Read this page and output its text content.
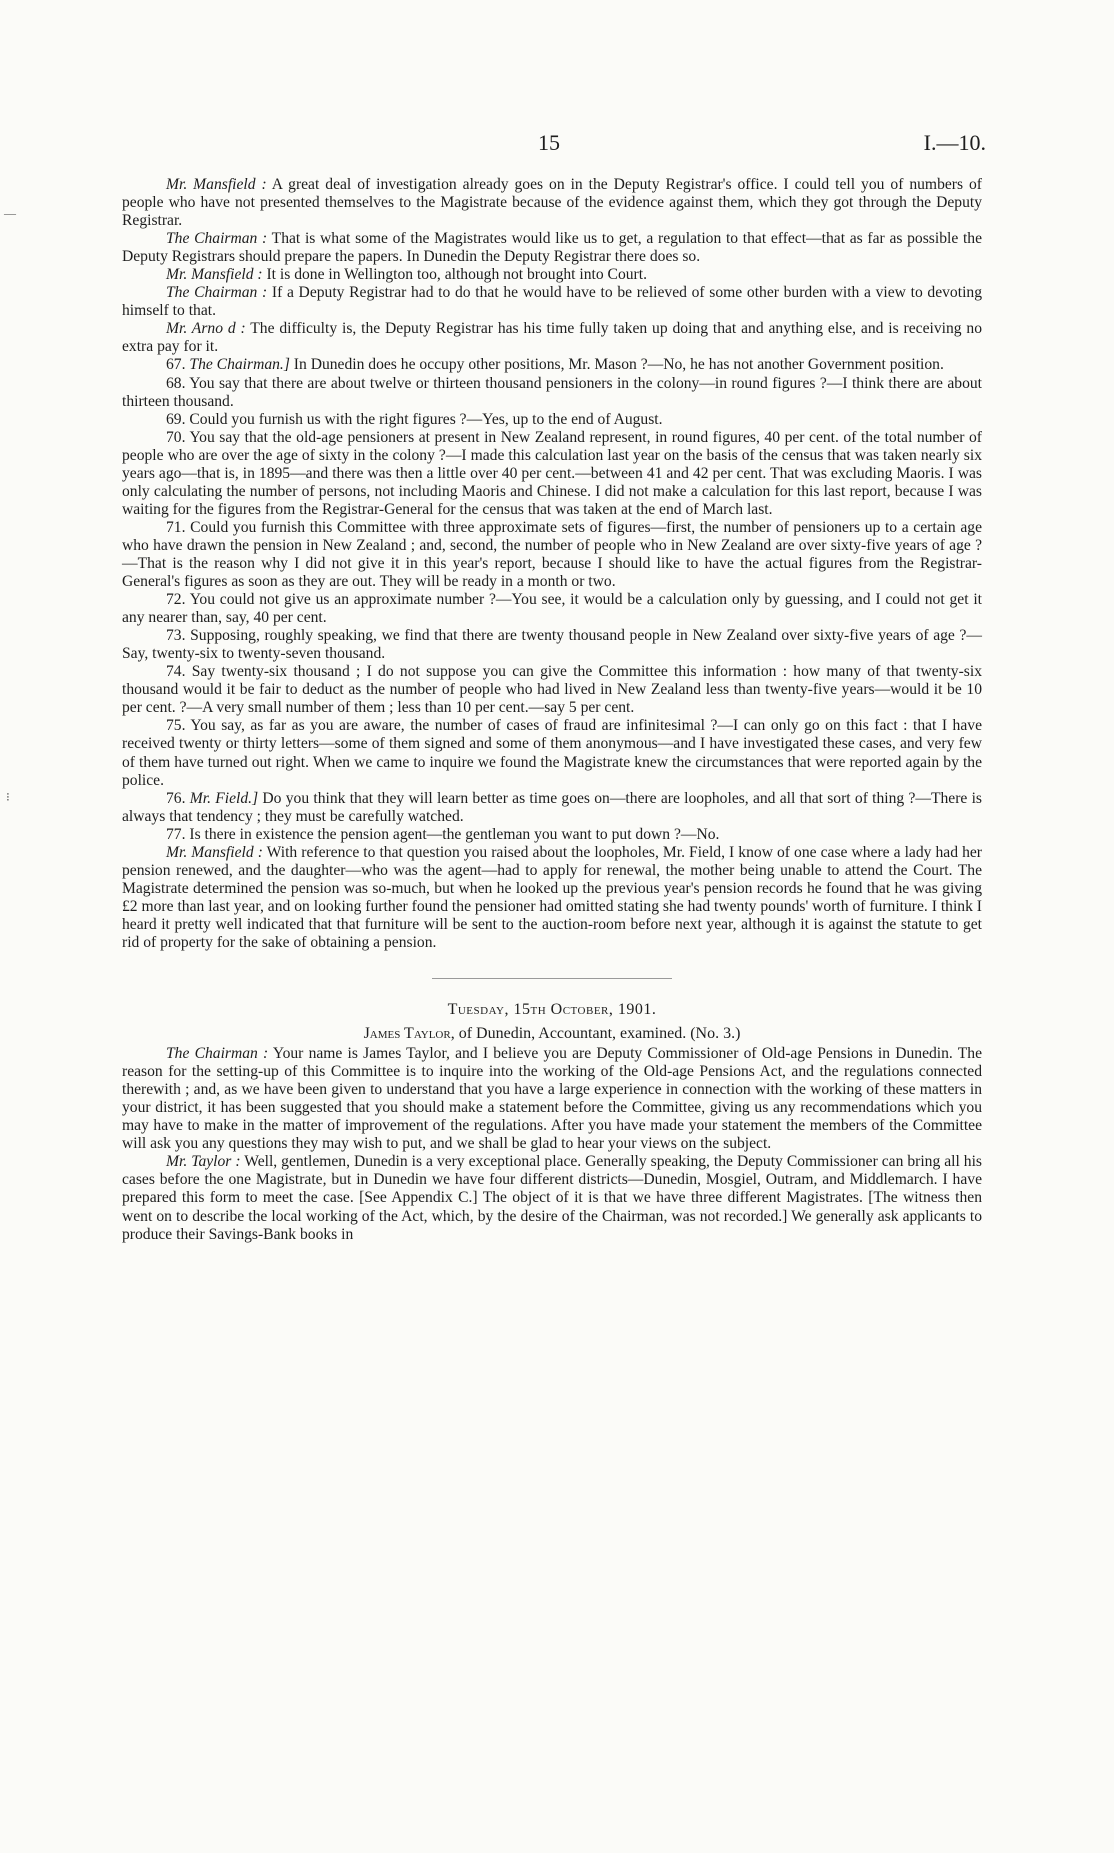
15	I.—10.
—
⁝

Mr. Mansfield : A great deal of investigation already goes on in the Deputy Registrar's office. I could tell you of numbers of people who have not presented themselves to the Magistrate because of the evidence against them, which they got through the Deputy Registrar.

The Chairman : That is what some of the Magistrates would like us to get, a regulation to that effect—that as far as possible the Deputy Registrars should prepare the papers. In Dunedin the Deputy Registrar there does so.

Mr. Mansfield : It is done in Wellington too, although not brought into Court.

The Chairman : If a Deputy Registrar had to do that he would have to be relieved of some other burden with a view to devoting himself to that.

Mr. Arno d : The difficulty is, the Deputy Registrar has his time fully taken up doing that and anything else, and is receiving no extra pay for it.

67. The Chairman.] In Dunedin does he occupy other positions, Mr. Mason ?—No, he has not another Government position.

68. You say that there are about twelve or thirteen thousand pensioners in the colony—in round figures ?—I think there are about thirteen thousand.

69. Could you furnish us with the right figures ?—Yes, up to the end of August.

70. You say that the old-age pensioners at present in New Zealand represent, in round figures, 40 per cent. of the total number of people who are over the age of sixty in the colony ?—I made this calculation last year on the basis of the census that was taken nearly six years ago—that is, in 1895—and there was then a little over 40 per cent.—between 41 and 42 per cent. That was excluding Maoris. I was only calculating the number of persons, not including Maoris and Chinese. I did not make a calculation for this last report, because I was waiting for the figures from the Registrar-General for the census that was taken at the end of March last.

71. Could you furnish this Committee with three approximate sets of figures—first, the number of pensioners up to a certain age who have drawn the pension in New Zealand ; and, second, the number of people who in New Zealand are over sixty-five years of age ?—That is the reason why I did not give it in this year's report, because I should like to have the actual figures from the Registrar-General's figures as soon as they are out. They will be ready in a month or two.

72. You could not give us an approximate number ?—You see, it would be a calculation only by guessing, and I could not get it any nearer than, say, 40 per cent.

73. Supposing, roughly speaking, we find that there are twenty thousand people in New Zealand over sixty-five years of age ?—Say, twenty-six to twenty-seven thousand.

74. Say twenty-six thousand ; I do not suppose you can give the Committee this information : how many of that twenty-six thousand would it be fair to deduct as the number of people who had lived in New Zealand less than twenty-five years—would it be 10 per cent. ?—A very small number of them ; less than 10 per cent.—say 5 per cent.

75. You say, as far as you are aware, the number of cases of fraud are infinitesimal ?—I can only go on this fact : that I have received twenty or thirty letters—some of them signed and some of them anonymous—and I have investigated these cases, and very few of them have turned out right. When we came to inquire we found the Magistrate knew the circumstances that were reported again by the police.

76. Mr. Field.] Do you think that they will learn better as time goes on—there are loopholes, and all that sort of thing ?—There is always that tendency ; they must be carefully watched.

77. Is there in existence the pension agent—the gentleman you want to put down ?—No.

Mr. Mansfield : With reference to that question you raised about the loopholes, Mr. Field, I know of one case where a lady had her pension renewed, and the daughter—who was the agent—had to apply for renewal, the mother being unable to attend the Court. The Magistrate determined the pension was so-much, but when he looked up the previous year's pension records he found that he was giving £2 more than last year, and on looking further found the pensioner had omitted stating she had twenty pounds' worth of furniture. I think I heard it pretty well indicated that that furniture will be sent to the auction-room before next year, although it is against the statute to get rid of property for the sake of obtaining a pension.

Tuesday, 15th October, 1901.
James Taylor, of Dunedin, Accountant, examined. (No. 3.)

The Chairman : Your name is James Taylor, and I believe you are Deputy Commissioner of Old-age Pensions in Dunedin. The reason for the setting-up of this Committee is to inquire into the working of the Old-age Pensions Act, and the regulations connected therewith ; and, as we have been given to understand that you have a large experience in connection with the working of these matters in your district, it has been suggested that you should make a statement before the Committee, giving us any recommendations which you may have to make in the matter of improvement of the regulations. After you have made your statement the members of the Committee will ask you any questions they may wish to put, and we shall be glad to hear your views on the subject.

Mr. Taylor : Well, gentlemen, Dunedin is a very exceptional place. Generally speaking, the Deputy Commissioner can bring all his cases before the one Magistrate, but in Dunedin we have four different districts—Dunedin, Mosgiel, Outram, and Middlemarch. I have prepared this form to meet the case. [See Appendix C.] The object of it is that we have three different Magistrates. [The witness then went on to describe the local working of the Act, which, by the desire of the Chairman, was not recorded.] We generally ask applicants to produce their Savings-Bank books in
